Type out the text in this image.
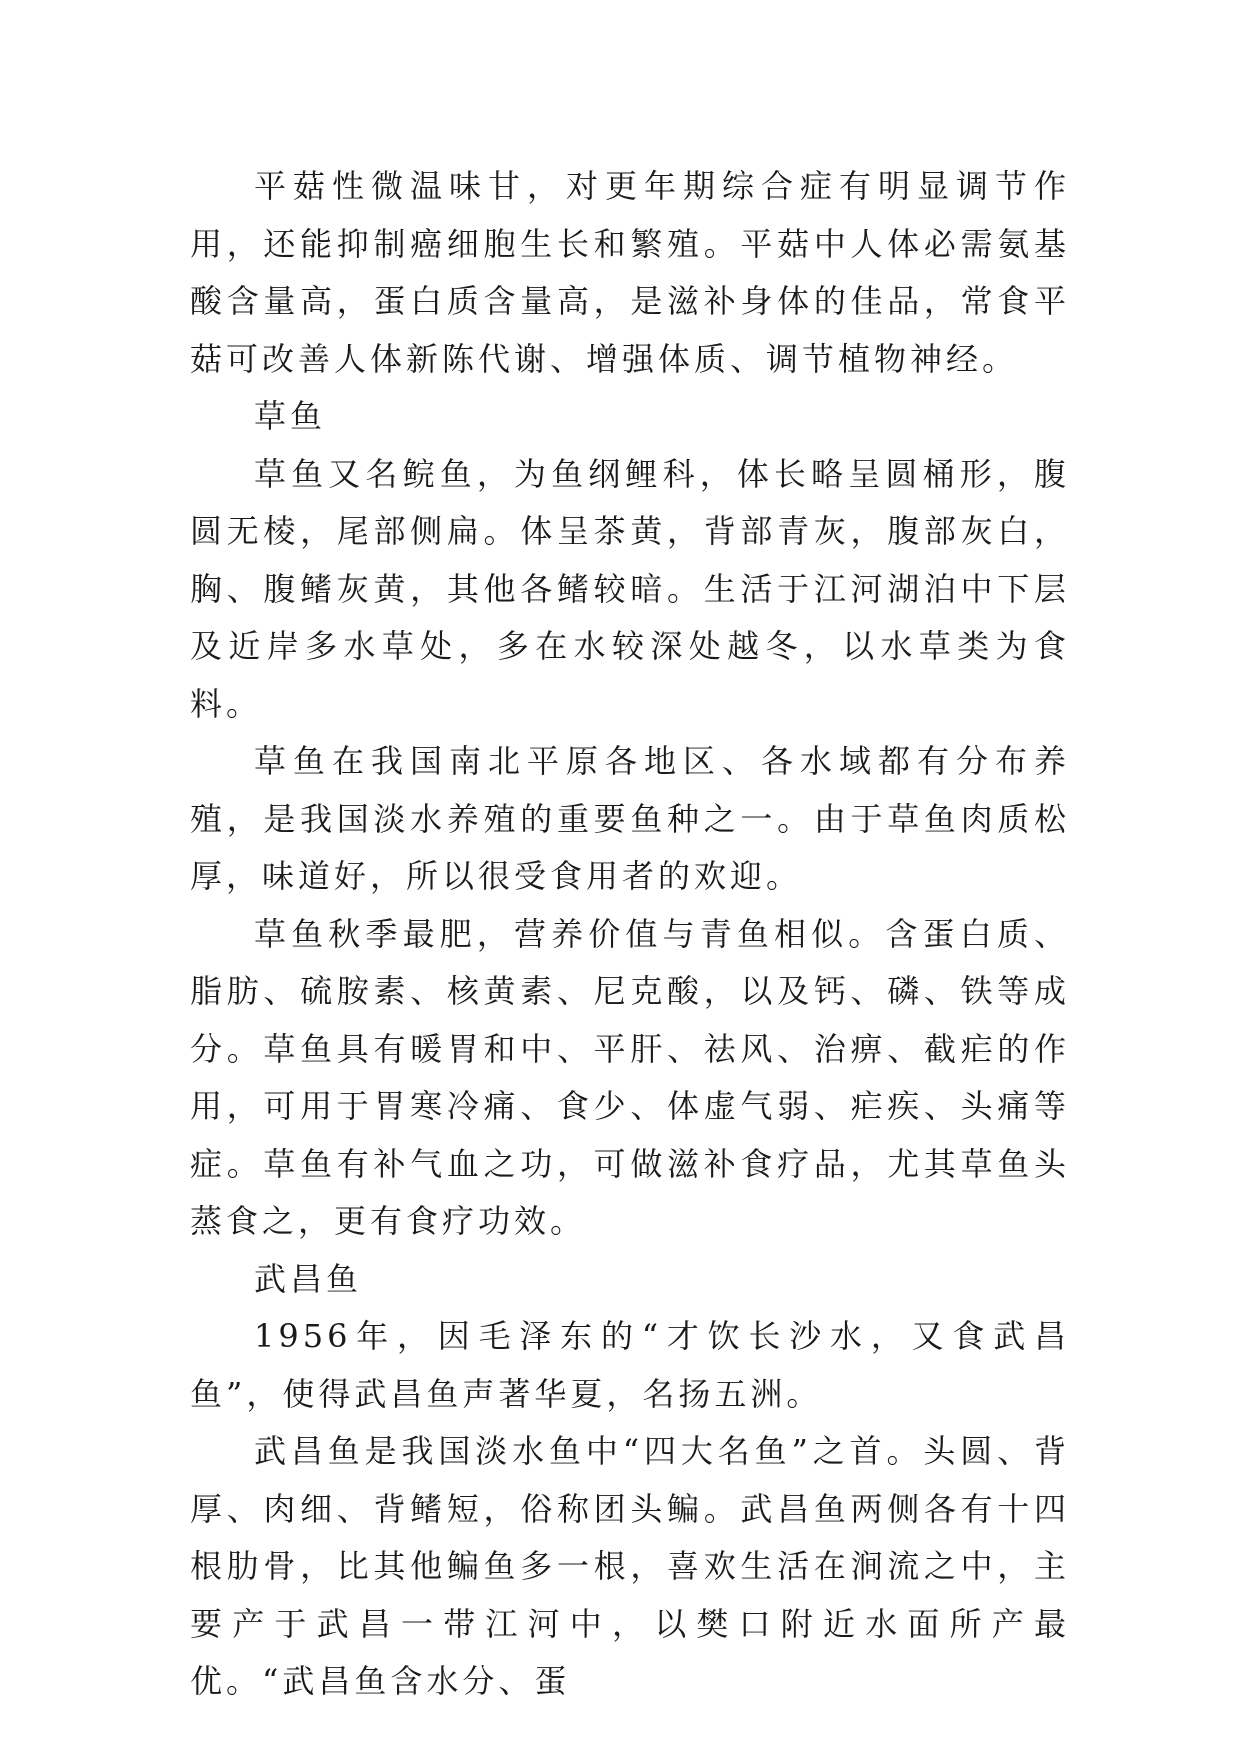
平菇性微温味甘，对更年期综合症有明显调节作用，还能抑制癌细胞生长和繁殖。平菇中人体必需氨基酸含量高，蛋白质含量高，是滋补身体的佳品，常食平菇可改善人体新陈代谢、增强体质、调节植物神经。

草鱼

草鱼又名鲩鱼，为鱼纲鲤科，体长略呈圆桶形，腹圆无棱，尾部侧扁。体呈茶黄，背部青灰，腹部灰白，胸、腹鳍灰黄，其他各鳍较暗。生活于江河湖泊中下层及近岸多水草处，多在水较深处越冬，以水草类为食料。

草鱼在我国南北平原各地区、各水域都有分布养殖，是我国淡水养殖的重要鱼种之一。由于草鱼肉质松厚，味道好，所以很受食用者的欢迎。

草鱼秋季最肥，营养价值与青鱼相似。含蛋白质、脂肪、硫胺素、核黄素、尼克酸，以及钙、磷、铁等成分。草鱼具有暖胃和中、平肝、祛风、治痹、截疟的作用，可用于胃寒冷痛、食少、体虚气弱、疟疾、头痛等症。草鱼有补气血之功，可做滋补食疗品，尤其草鱼头蒸食之，更有食疗功效。

武昌鱼

1956年，因毛泽东的“才饮长沙水，又食武昌鱼”，使得武昌鱼声著华夏，名扬五洲。

武昌鱼是我国淡水鱼中“四大名鱼”之首。头圆、背厚、肉细、背鳍短，俗称团头鳊。武昌鱼两侧各有十四根肋骨，比其他鳊鱼多一根，喜欢生活在涧流之中，主要产于武昌一带江河中，以樊口附近水面所产最优。“武昌鱼含水分、蛋
